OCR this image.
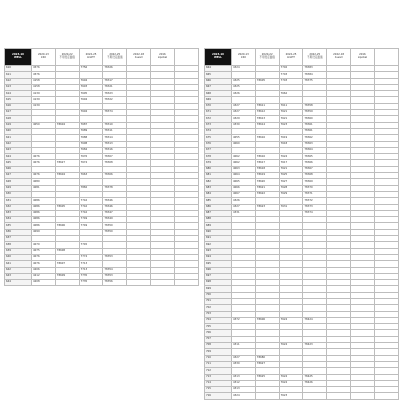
2023-16
WELL	2020-13
Ir40	2020-22
不用设定面值	2022-25
LIGHT	2022-25
不用设定面值	2022-18
X-well	2016
Lipobel	

610	4576		7756	78326			
611	4576						
612	4158		7694	78317			
613	4158		7693	78321			
614	4139		7695	78323			
615	4139		7694	78322			
616	4139						
617			7694	78374			
618							
619	4050	78604	7687	78310			
620			7689	78311			
621			7688	78314			
622			7698	78313			
623			7684	78316			
624	4076		7676	78307			
625	4076	78627	7674	78308			
626							
627	4076	78604	7663	78306			
628	4080						
629	4081		7882	78378			
630							
631	4086		7742	78346			
632	4086	78605	7742	78346			
633	4086		7742	78347			
634	4086		7749	78349			
635	4086	78606	7749	78350			
636	4099			78350			
637							
638	4070		7745				
639	4075	78608					
640	4076		7774	78353			
641	4076	78607	7713				
642	4206		7713	78354			
643	4212	78609	7735	78353			
644	4208		7735	78356			
2023-16
WELL	2020-13
Ir40	2020-22
不用设定面值	2022-25
LIGHT	2022-25
不用设定面值	2022-18
X-well	2016
Lipobel	

664	4324		7702	78383			
665			7703	78384			
666	4325	78605	7703	78375			
667	4325						
668	4326		7662				
669							
670	4327	78611	7611	78358			
671	4327	78612	7621	78359			
672	4329	78613	7621	78360			
673	4330	78614	7623	78361			
674				78361			
675	4055	78616	7619	78362			
676	4060		7618	78363			
677				78364			
678	4062	78616	7624	78365			
679	4062	78617	7617	78366			
680	4063	78618	7621	78367			
681	4064	78619	7625	78368			
682	4065	78620	7627	78369			
683	4066	78621	7628	78370			
684	4067	78622	7629	78371			
685	4326			78372			
686	4327	78623	7631	78373			
687	4331			78374			
688							
689							
690							
691							
692							
693							
694							
695							
696							
697							
698							
699							
700							
701							
702							
703							
704	4372	78606	7624	78424			
705							
706							
707							
708	4311		7624	78423			
709							
710	4327	78680					
711	4330	78627					
712							
713	4313	78625	7624	78425			
714	4312		7624	78426			
715	4313						
716	4324		7623				
